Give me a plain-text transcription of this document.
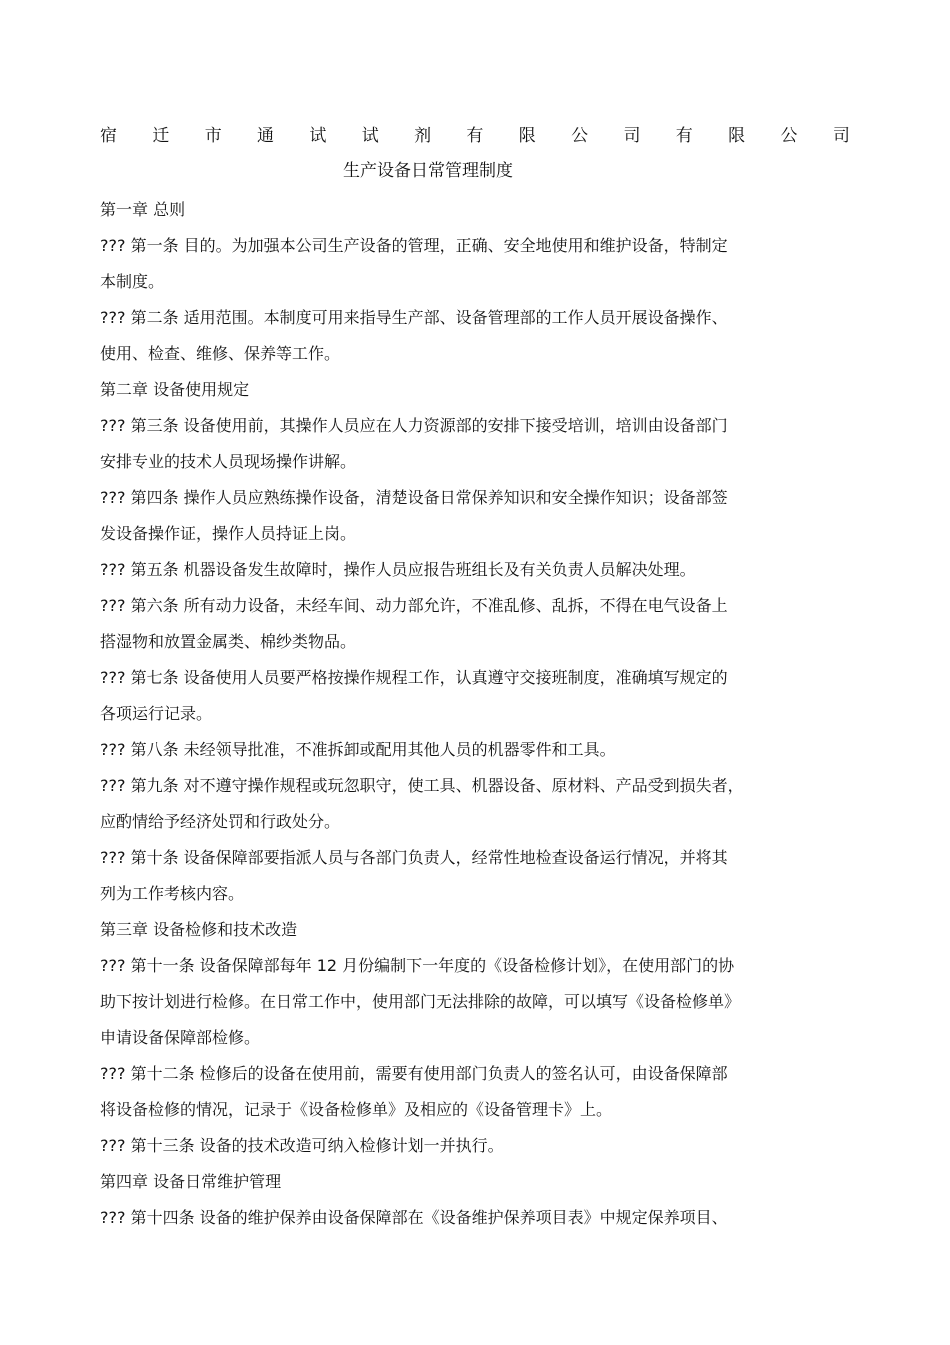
宿 迁 市 通 试 试 剂 有 限 公 司 有 限 公 司
生产设备日常管理制度
第一章 总则
??? 第一条 目的。为加强本公司生产设备的管理，正确、安全地使用和维护设备，特制定
本制度。
??? 第二条 适用范围。本制度可用来指导生产部、设备管理部的工作人员开展设备操作、
使用、检查、维修、保养等工作。
第二章 设备使用规定
??? 第三条 设备使用前，其操作人员应在人力资源部的安排下接受培训，培训由设备部门
安排专业的技术人员现场操作讲解。
??? 第四条 操作人员应熟练操作设备，清楚设备日常保养知识和安全操作知识；设备部签
发设备操作证，操作人员持证上岗。
??? 第五条 机器设备发生故障时，操作人员应报告班组长及有关负责人员解决处理。
??? 第六条 所有动力设备，未经车间、动力部允许，不准乱修、乱拆，不得在电气设备上
搭湿物和放置金属类、棉纱类物品。
??? 第七条 设备使用人员要严格按操作规程工作，认真遵守交接班制度，准确填写规定的
各项运行记录。
??? 第八条 未经领导批准，不准拆卸或配用其他人员的机器零件和工具。
??? 第九条 对不遵守操作规程或玩忽职守，使工具、机器设备、原材料、产品受到损失者，
应酌情给予经济处罚和行政处分。
??? 第十条 设备保障部要指派人员与各部门负责人，经常性地检查设备运行情况，并将其
列为工作考核内容。
第三章 设备检修和技术改造
??? 第十一条 设备保障部每年 12 月份编制下一年度的《设备检修计划》，在使用部门的协
助下按计划进行检修。在日常工作中，使用部门无法排除的故障，可以填写《设备检修单》
申请设备保障部检修。
??? 第十二条 检修后的设备在使用前，需要有使用部门负责人的签名认可，由设备保障部
将设备检修的情况，记录于《设备检修单》及相应的《设备管理卡》上。
??? 第十三条 设备的技术改造可纳入检修计划一并执行。
第四章 设备日常维护管理
??? 第十四条 设备的维护保养由设备保障部在《设备维护保养项目表》中规定保养项目、
